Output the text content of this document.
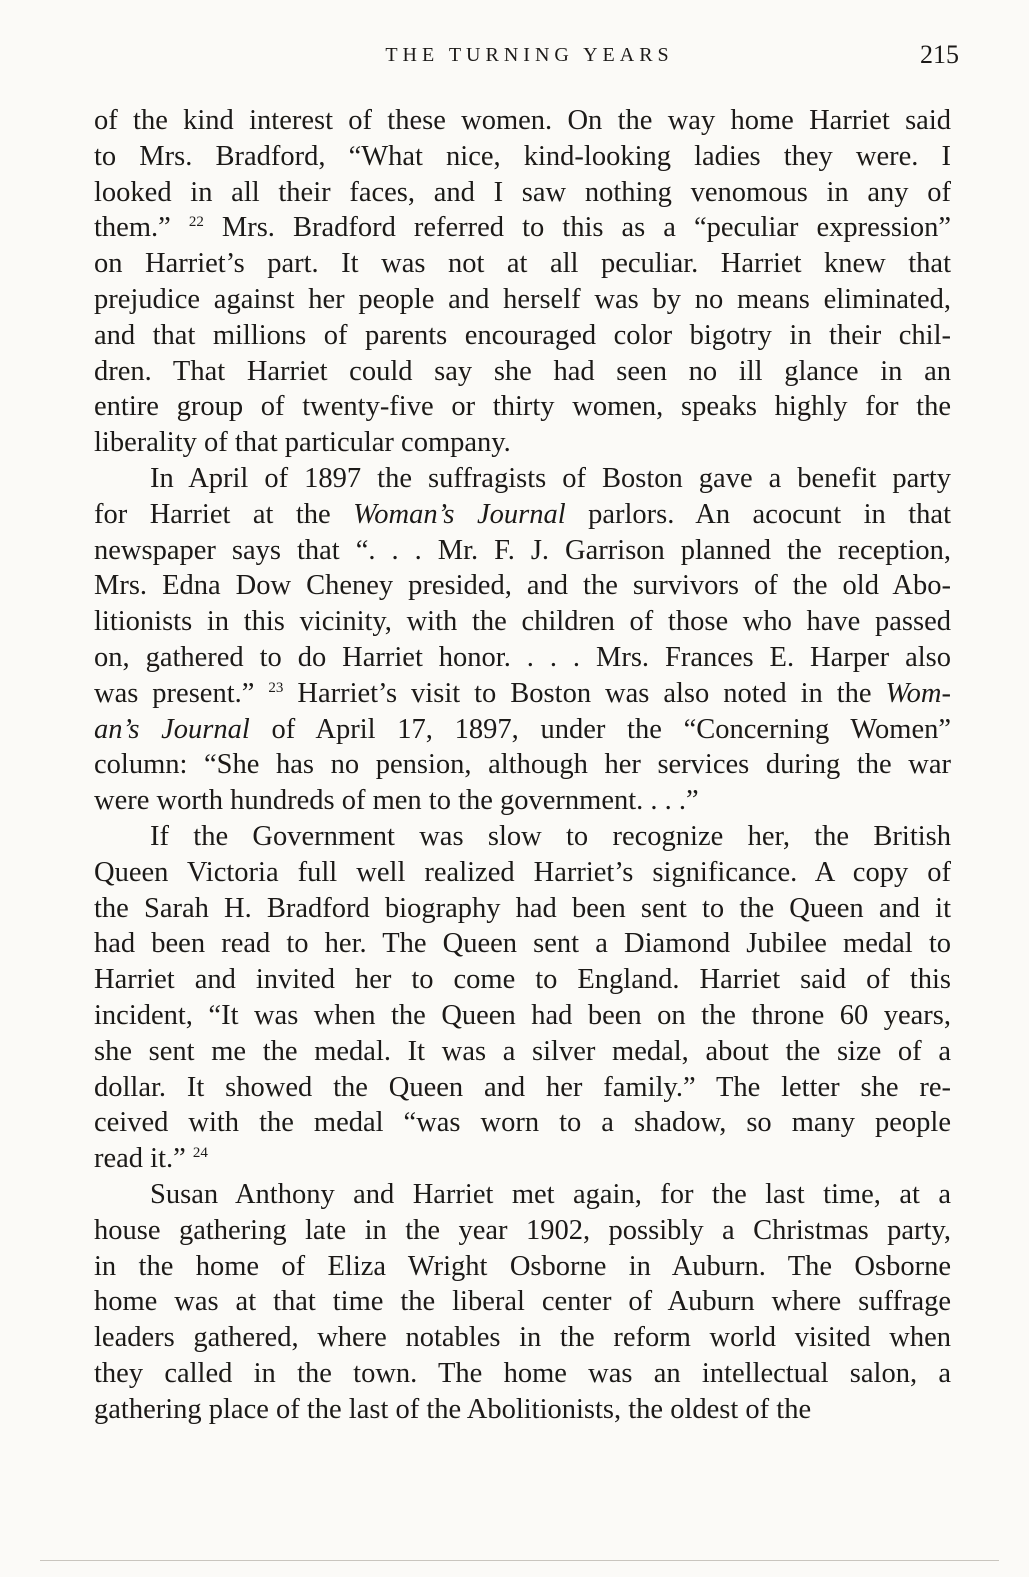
THE TURNING YEARS	215
of the kind interest of these women. On the way home Harriet said
to Mrs. Bradford, “What nice, kind-looking ladies they were. I
looked in all their faces, and I saw nothing venomous in any of
them.” $^{22}$ Mrs. Bradford referred to this as a “peculiar expression”
on Harriet’s part. It was not at all peculiar. Harriet knew that
prejudice against her people and herself was by no means eliminated,
and that millions of parents encouraged color bigotry in their chil-
dren. That Harriet could say she had seen no ill glance in an
entire group of twenty-five or thirty women, speaks highly for the
liberality of that particular company.
In April of 1897 the suffragists of Boston gave a benefit party
for Harriet at the Woman’s Journal parlors. An acocunt in that
newspaper says that “. . . Mr. F. J. Garrison planned the reception,
Mrs. Edna Dow Cheney presided, and the survivors of the old Abo-
litionists in this vicinity, with the children of those who have passed
on, gathered to do Harriet honor. . . . Mrs. Frances E. Harper also
was present.” $^{23}$ Harriet’s visit to Boston was also noted in the Wom-
an’s Journal of April 17, 1897, under the “Concerning Women”
column: “She has no pension, although her services during the war
were worth hundreds of men to the government. . . .”
If the Government was slow to recognize her, the British
Queen Victoria full well realized Harriet’s significance. A copy of
the Sarah H. Bradford biography had been sent to the Queen and it
had been read to her. The Queen sent a Diamond Jubilee medal to
Harriet and invited her to come to England. Harriet said of this
incident, “It was when the Queen had been on the throne 60 years,
she sent me the medal. It was a silver medal, about the size of a
dollar. It showed the Queen and her family.” The letter she re-
ceived with the medal “was worn to a shadow, so many people
read it.” $^{24}$
Susan Anthony and Harriet met again, for the last time, at a
house gathering late in the year 1902, possibly a Christmas party,
in the home of Eliza Wright Osborne in Auburn. The Osborne
home was at that time the liberal center of Auburn where suffrage
leaders gathered, where notables in the reform world visited when
they called in the town. The home was an intellectual salon, a
gathering place of the last of the Abolitionists, the oldest of the
